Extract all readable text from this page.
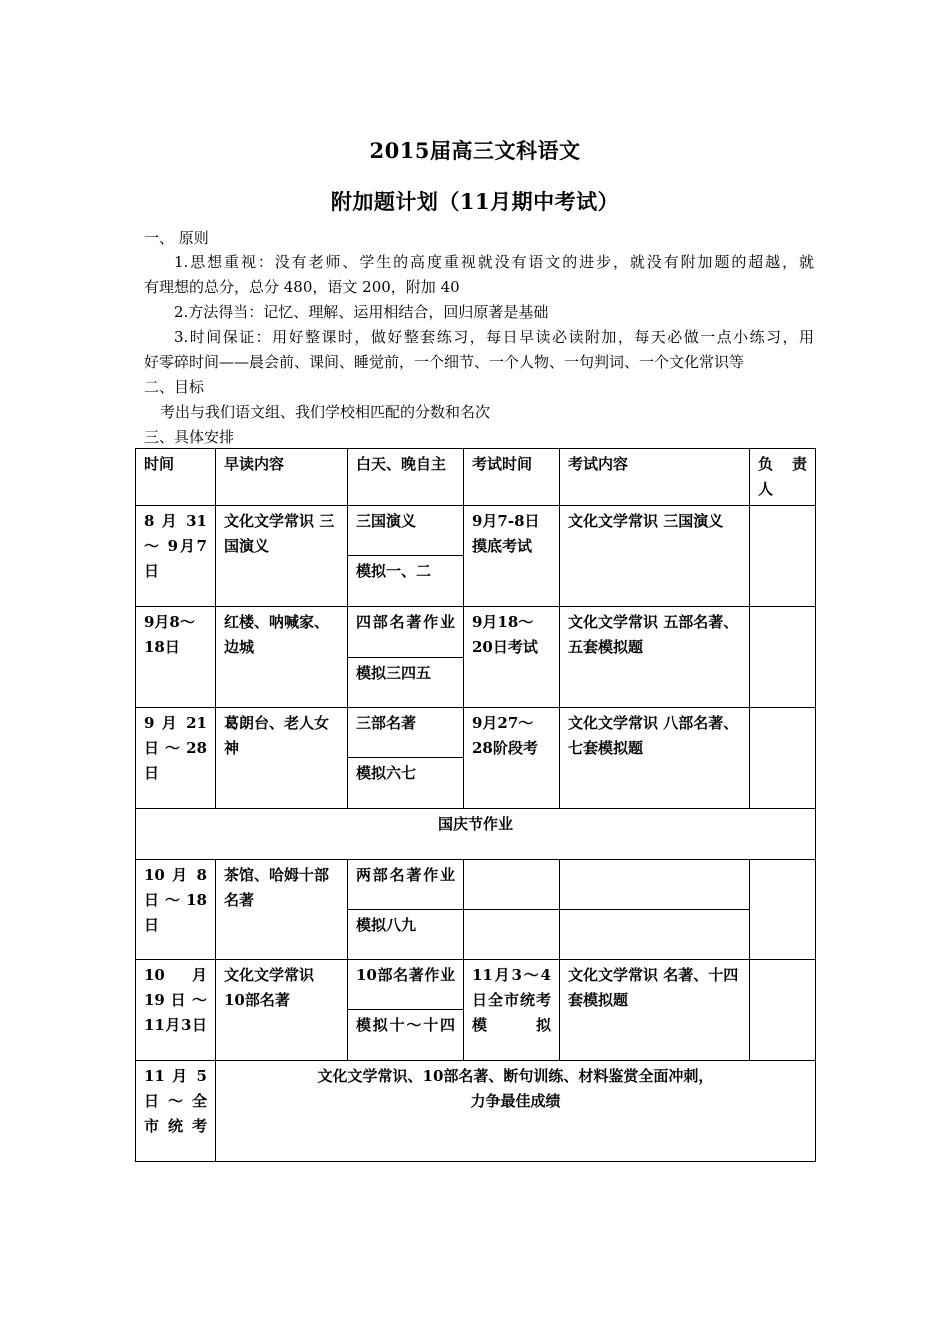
2015届高三文科语文
附加题计划（11月期中考试）
一、 原则
1.思想重视：没有老师、学生的高度重视就没有语文的进步，就没有附加题的超越，就
有理想的总分，总分 480，语文 200，附加 40
2.方法得当：记忆、理解、运用相结合，回归原著是基础
3.时间保证：用好整课时，做好整套练习，每日早读必读附加，每天必做一点小练习，用
好零碎时间——晨会前、课间、睡觉前，一个细节、一个人物、一句判词、一个文化常识等
二、目标
考出与我们语文组、我们学校相匹配的分数和名次
三、具体安排
时间	早读内容	白天、晚自主	考试时间	考试内容	负 责 人
8 月 31 ～ 9月7日	文化文学常识 三国演义	三国演义	9月7-8日摸底考试	文化文学常识 三国演义	
		模拟一、二			
9月8～18日	红楼、呐喊家、边城	四部名著作业	9月18～20日考试	文化文学常识 五部名著、五套模拟题	
		模拟三四五			
9 月 21 日 ～ 28日	葛朗台、老人女神	三部名著	9月27～28阶段考	文化文学常识 八部名著、七套模拟题	
		模拟六七			
国庆节作业					
10 月 8 日 ～ 18日	茶馆、哈姆十部名著	两部名著作业			
		模拟八九			
10 月 19 日 ～ 11月3日	文化文学常识 10部名著	10部名著作业	11月3～4日全市统考模拟	文化文学常识 名著、十四套模拟题	
		模拟十～十四			
11 月 5 日 ～ 全市统考	文化文学常识、10部名著、断句训练、材料鉴赏全面冲刺，
力争最佳成绩				
